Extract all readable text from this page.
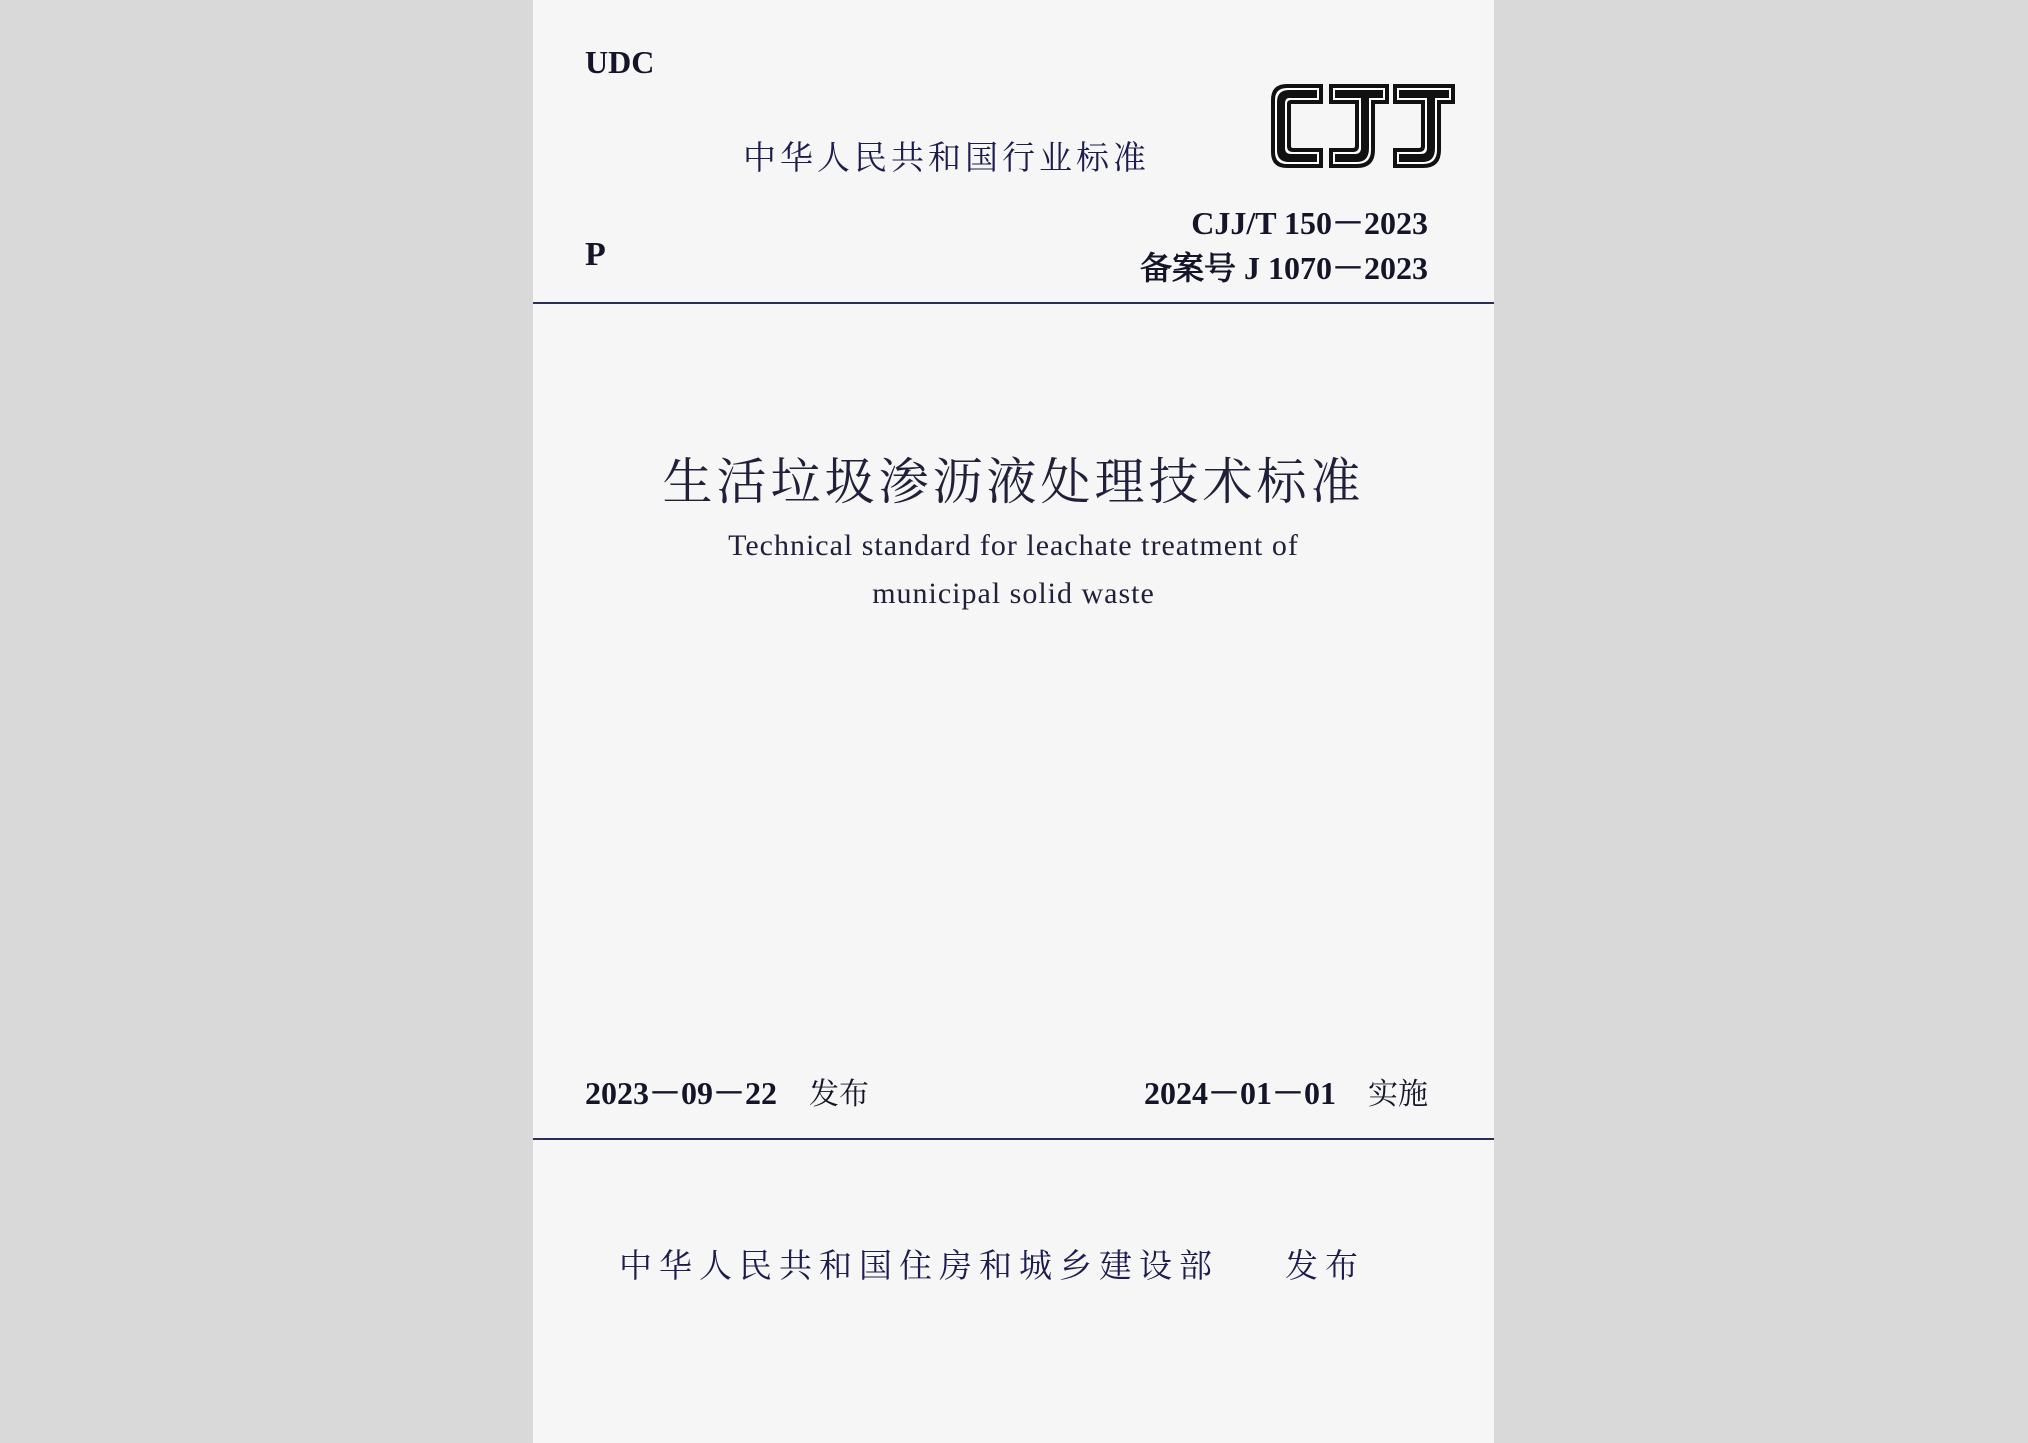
UDC
中华人民共和国行业标准
CJJ/T 150－2023
P	备案号 J 1070－2023
生活垃圾渗沥液处理技术标准
Technical standard for leachate treatment of
municipal solid waste
2023－09－22 发布	2024－01－01 实施
中华人民共和国住房和城乡建设部 发布
